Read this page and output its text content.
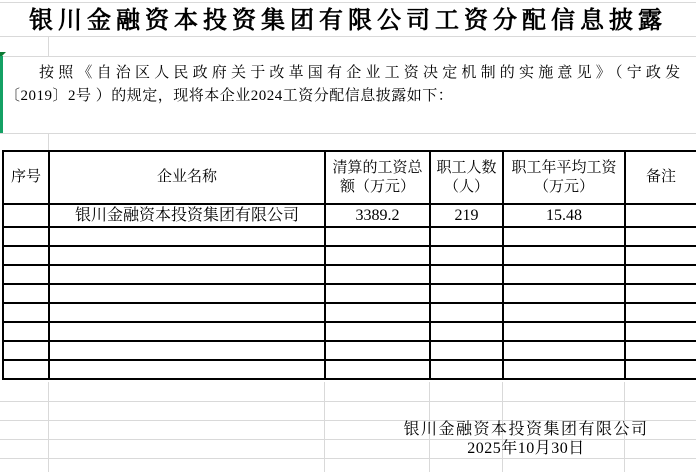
银川金融资本投资集团有限公司工资分配信息披露
按照《自治区人民政府关于改革国有企业工资决定机制的实施意见》（宁政发
〔2019〕2号 ）的规定，现将本企业2024工资分配信息披露如下：
序号	企业名称	清算的工资总额（万元）	职工人数（人）	职工年平均工资（万元）	备注
	银川金融资本投资集团有限公司	3389.2	219	15.48	

银川金融资本投资集团有限公司
2025年10月30日
